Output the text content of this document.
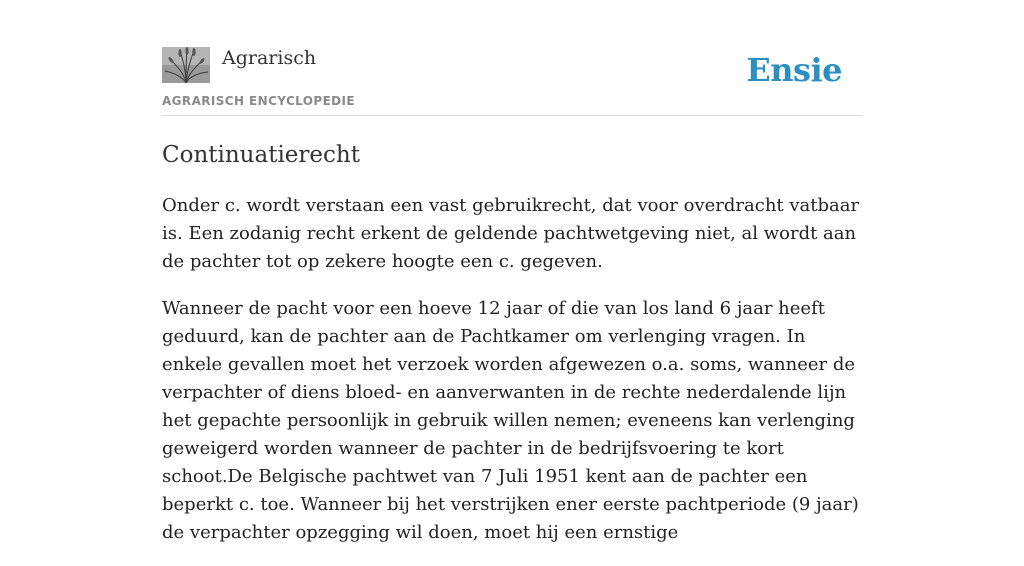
Agrarisch
AGRARISCH ENCYCLOPEDIE
Ensie
Continuatierecht

Onder c. wordt verstaan een vast gebruikrecht, dat voor overdracht vatbaar is. Een zodanig recht erkent de geldende pachtwetgeving niet, al wordt aan de pachter tot op zekere hoogte een c. gegeven.

Wanneer de pacht voor een hoeve 12 jaar of die van los land 6 jaar heeft geduurd, kan de pachter aan de Pachtkamer om verlenging vragen. In enkele gevallen moet het verzoek worden afgewezen o.a. soms, wanneer de verpachter of diens bloed- en aanverwanten in de rechte nederdalende lijn het gepachte persoonlijk in gebruik willen nemen; eveneens kan verlenging geweigerd worden wanneer de pachter in de bedrijfsvoering te kort schoot.De Belgische pachtwet van 7 Juli 1951 kent aan de pachter een beperkt c. toe. Wanneer bij het verstrijken ener eerste pachtperiode (9 jaar) de verpachter opzegging wil doen, moet hij een ernstige
